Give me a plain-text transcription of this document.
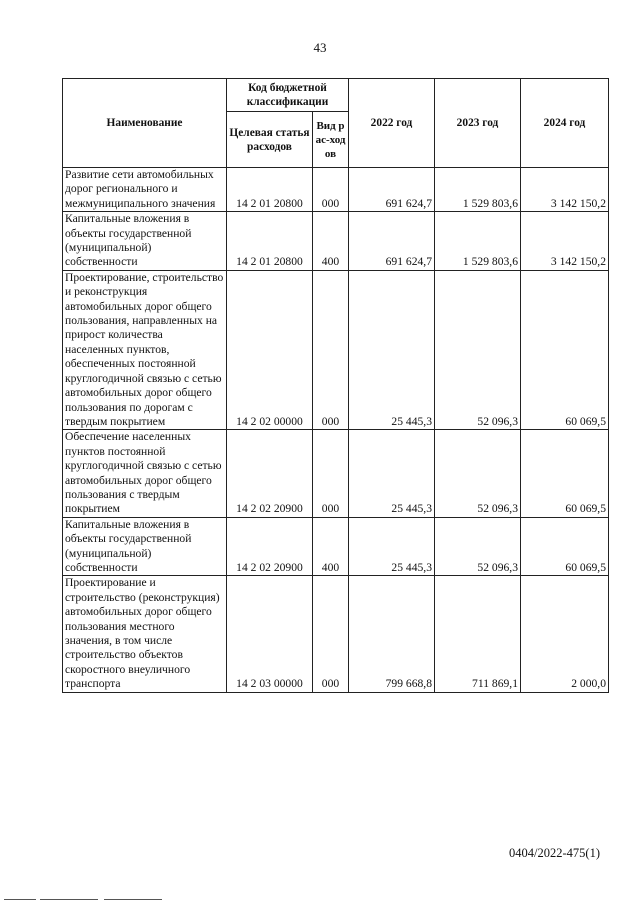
43
Наименование	Код бюджетной классификации		2022 год	2023 год	2024 год
	Целевая статья расходов	Вид рас-ходов			
Развитие сети автомобильных дорог регионального и межмуниципального значения	14 2 01 20800	000	691 624,7	1 529 803,6	3 142 150,2
Капитальные вложения в объекты государственной (муниципальной) собственности	14 2 01 20800	400	691 624,7	1 529 803,6	3 142 150,2
Проектирование, строительство и реконструкция автомобильных дорог общего пользования, направленных на прирост количества населенных пунктов, обеспеченных постоянной круглогодичной связью с сетью автомобильных дорог общего пользования по дорогам с твердым покрытием	14 2 02 00000	000	25 445,3	52 096,3	60 069,5
Обеспечение населенных пунктов постоянной круглогодичной связью с сетью автомобильных дорог общего пользования с твердым покрытием	14 2 02 20900	000	25 445,3	52 096,3	60 069,5
Капитальные вложения в объекты государственной (муниципальной) собственности	14 2 02 20900	400	25 445,3	52 096,3	60 069,5
Проектирование и строительство (реконструкция) автомобильных дорог общего пользования местного значения, в том числе строительство объектов скоростного внеуличного транспорта	14 2 03 00000	000	799 668,8	711 869,1	2 000,0
0404/2022-475(1)
